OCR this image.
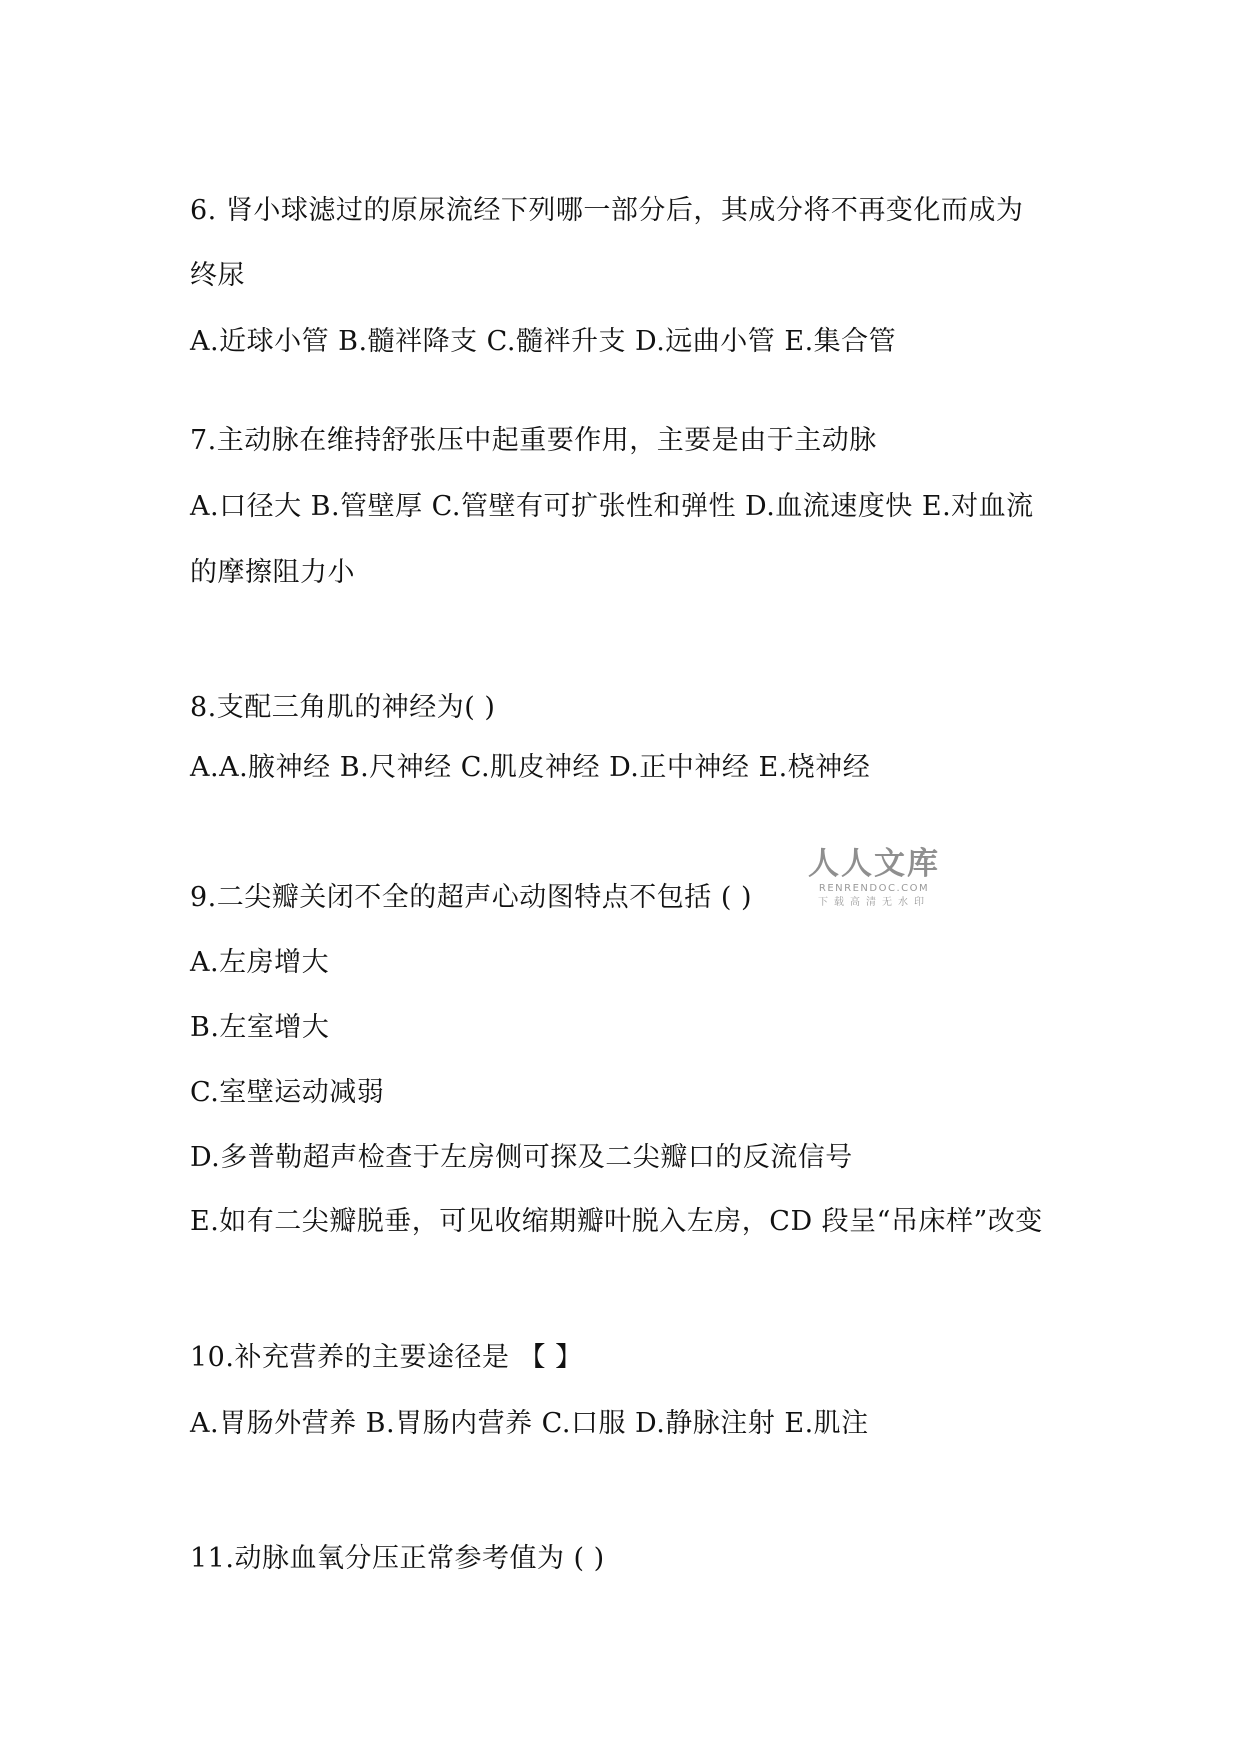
6. 肾小球滤过的原尿流经下列哪一部分后，其成分将不再变化而成为
终尿
A.近球小管 B.髓袢降支 C.髓袢升支 D.远曲小管 E.集合管
7.主动脉在维持舒张压中起重要作用，主要是由于主动脉
A.口径大 B.管壁厚 C.管壁有可扩张性和弹性 D.血流速度快 E.对血流
的摩擦阻力小
8.支配三角肌的神经为( )
A.A.腋神经 B.尺神经 C.肌皮神经 D.正中神经 E.桡神经
9.二尖瓣关闭不全的超声心动图特点不包括 ( )
A.左房增大
B.左室增大
C.室壁运动减弱
D.多普勒超声检查于左房侧可探及二尖瓣口的反流信号
E.如有二尖瓣脱垂，可见收缩期瓣叶脱入左房，CD 段呈“吊床样”改变
10.补充营养的主要途径是 【 】
A.胃肠外营养 B.胃肠内营养 C.口服 D.静脉注射 E.肌注
11.动脉血氧分压正常参考值为 ( )
人人文库
RENRENDOC.COM
下载高清无水印
